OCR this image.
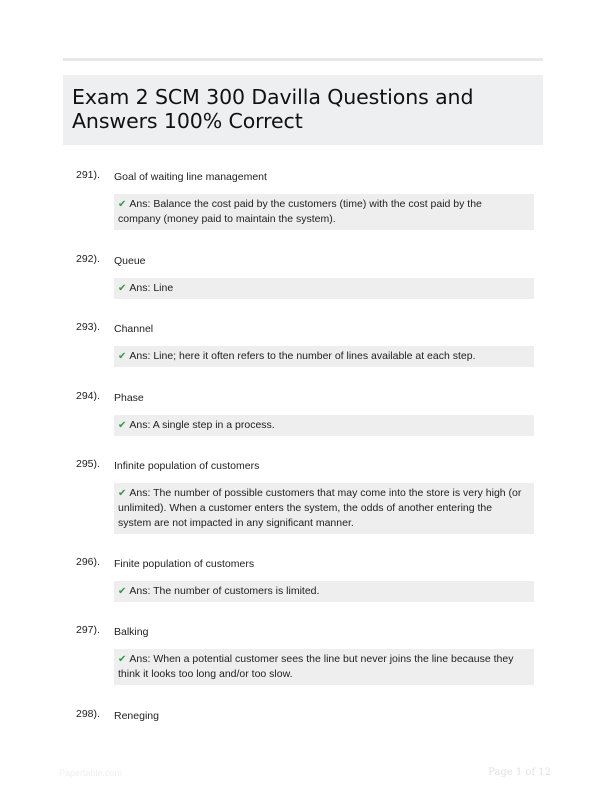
Exam 2 SCM 300 Davilla Questions and Answers 100% Correct
291). Goal of waiting line management
✔ Ans: Balance the cost paid by the customers (time) with the cost paid by the company (money paid to maintain the system).
292). Queue
✔ Ans: Line
293). Channel
✔ Ans: Line; here it often refers to the number of lines available at each step.
294). Phase
✔ Ans: A single step in a process.
295). Infinite population of customers
✔ Ans: The number of possible customers that may come into the store is very high (or unlimited). When a customer enters the system, the odds of another entering the system are not impacted in any significant manner.
296). Finite population of customers
✔ Ans: The number of customers is limited.
297). Balking
✔ Ans: When a potential customer sees the line but never joins the line because they think it looks too long and/or too slow.
298). Reneging
Papertable.com	Page 1 of 12
